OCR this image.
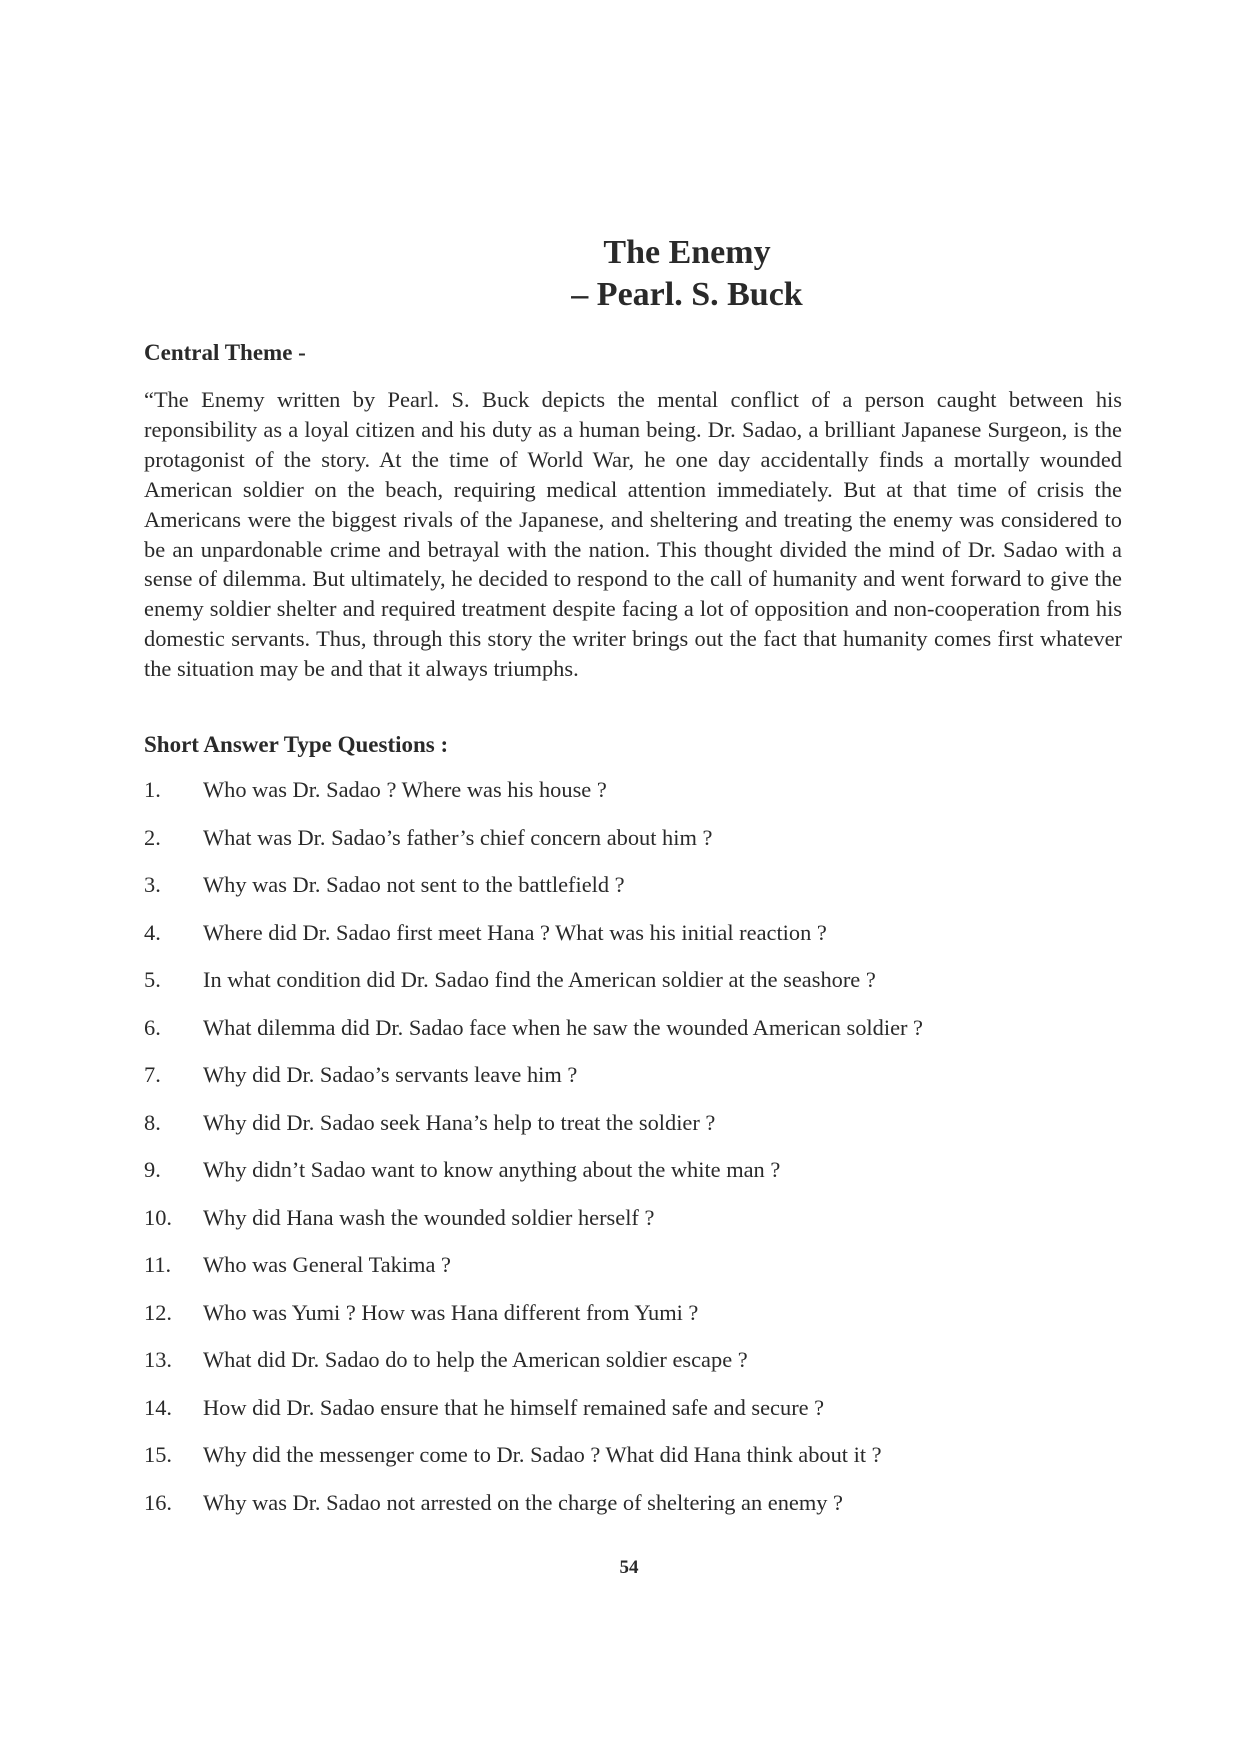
The Enemy

– Pearl. S. Buck

Central Theme -

“The Enemy written by Pearl. S. Buck depicts the mental conflict of a person caught between his reponsibility as a loyal citizen and his duty as a human being. Dr. Sadao, a brilliant Japanese Surgeon, is the protagonist of the story. At the time of World War, he one day accidentally finds a mortally wounded American soldier on the beach, requiring medical attention immediately. But at that time of crisis the Americans were the biggest rivals of the Japanese, and sheltering and treating the enemy was considered to be an unpardonable crime and betrayal with the nation. This thought divided the mind of Dr. Sadao with a sense of dilemma. But ultimately, he decided to respond to the call of humanity and went forward to give the enemy soldier shelter and required treatment despite facing a lot of opposition and non-cooperation from his domestic servants. Thus, through this story the writer brings out the fact that humanity comes first whatever the situation may be and that it always triumphs.

Short Answer Type Questions :

1.	Who was Dr. Sadao ? Where was his house ?
2.	What was Dr. Sadao’s father’s chief concern about him ?
3.	Why was Dr. Sadao not sent to the battlefield ?
4.	Where did Dr. Sadao first meet Hana ? What was his initial reaction ?
5.	In what condition did Dr. Sadao find the American soldier at the seashore ?
6.	What dilemma did Dr. Sadao face when he saw the wounded American soldier ?
7.	Why did Dr. Sadao’s servants leave him ?
8.	Why did Dr. Sadao seek Hana’s help to treat the soldier ?
9.	Why didn’t Sadao want to know anything about the white man ?
10.	Why did Hana wash the wounded soldier herself ?
11.	Who was General Takima ?
12.	Who was Yumi ? How was Hana different from Yumi ?
13.	What did Dr. Sadao do to help the American soldier escape ?
14.	How did Dr. Sadao ensure that he himself remained safe and secure ?
15.	Why did the messenger come to Dr. Sadao ? What did Hana think about it ?
16.	Why was Dr. Sadao not arrested on the charge of sheltering an enemy ?
54
